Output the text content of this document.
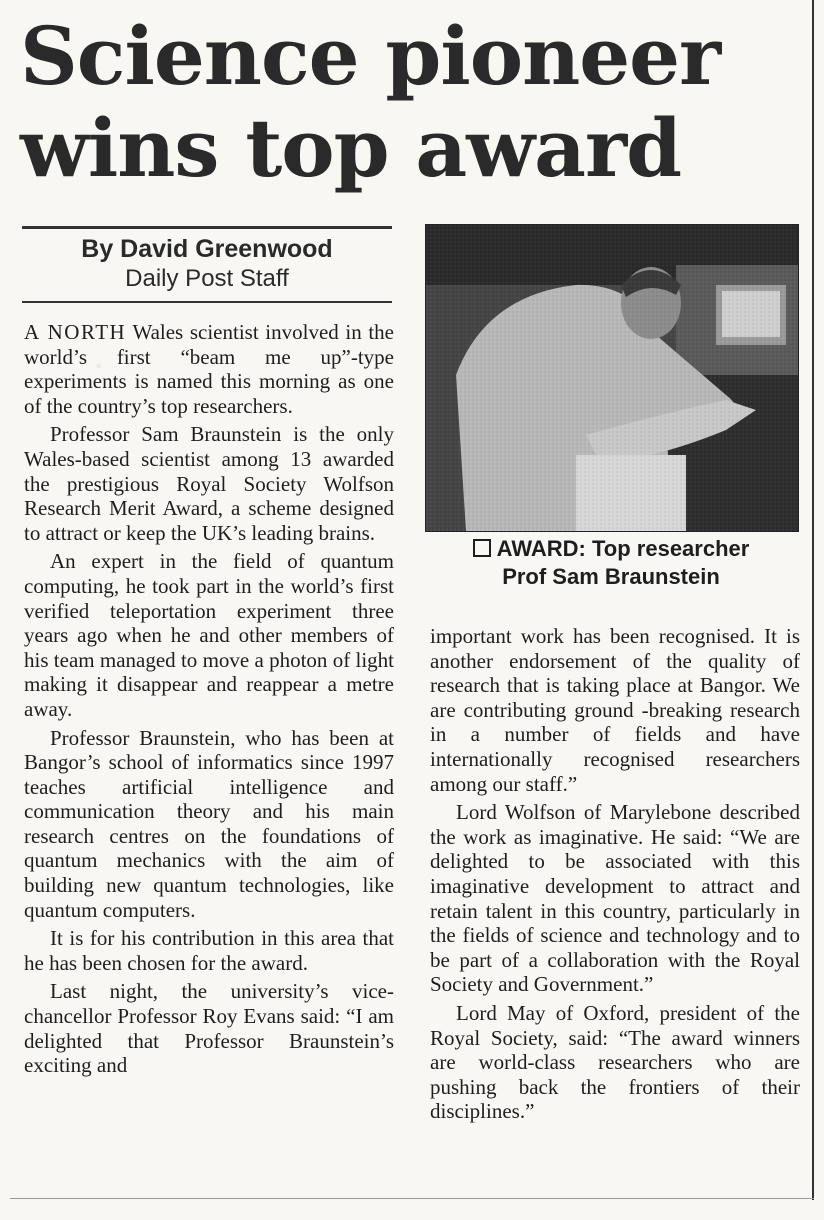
Science pioneer
wins top award
By David Greenwood
Daily Post Staff

A NORTH Wales scientist involved in the world’s first “beam me up”-type experiments is named this morning as one of the country’s top researchers.

Professor Sam Braunstein is the only Wales-based scientist among 13 awarded the prestigious Royal Society Wolfson Research Merit Award, a scheme designed to attract or keep the UK’s leading brains.

An expert in the field of quantum computing, he took part in the world’s first verified teleportation experiment three years ago when he and other members of his team managed to move a photon of light making it disappear and reappear a metre away.

Professor Braunstein, who has been at Bangor’s school of informatics since 1997 teaches artificial intelligence and communication theory and his main research centres on the foundations of quantum mechanics with the aim of building new quantum technologies, like quantum computers.

It is for his contribution in this area that he has been chosen for the award.

Last night, the university’s vice-chancellor Professor Roy Evans said: “I am delighted that Professor Braunstein’s exciting and

AWARD: Top researcher
Prof Sam Braunstein

important work has been recognised. It is another endorsement of the quality of research that is taking place at Bangor. We are contributing ground -breaking research in a number of fields and have internationally recognised researchers among our staff.”

Lord Wolfson of Marylebone described the work as imaginative. He said: “We are delighted to be associated with this imaginative development to attract and retain talent in this country, particularly in the fields of science and technology and to be part of a collaboration with the Royal Society and Government.”

Lord May of Oxford, president of the Royal Society, said: “The award winners are world-class researchers who are pushing back the frontiers of their disciplines.”
